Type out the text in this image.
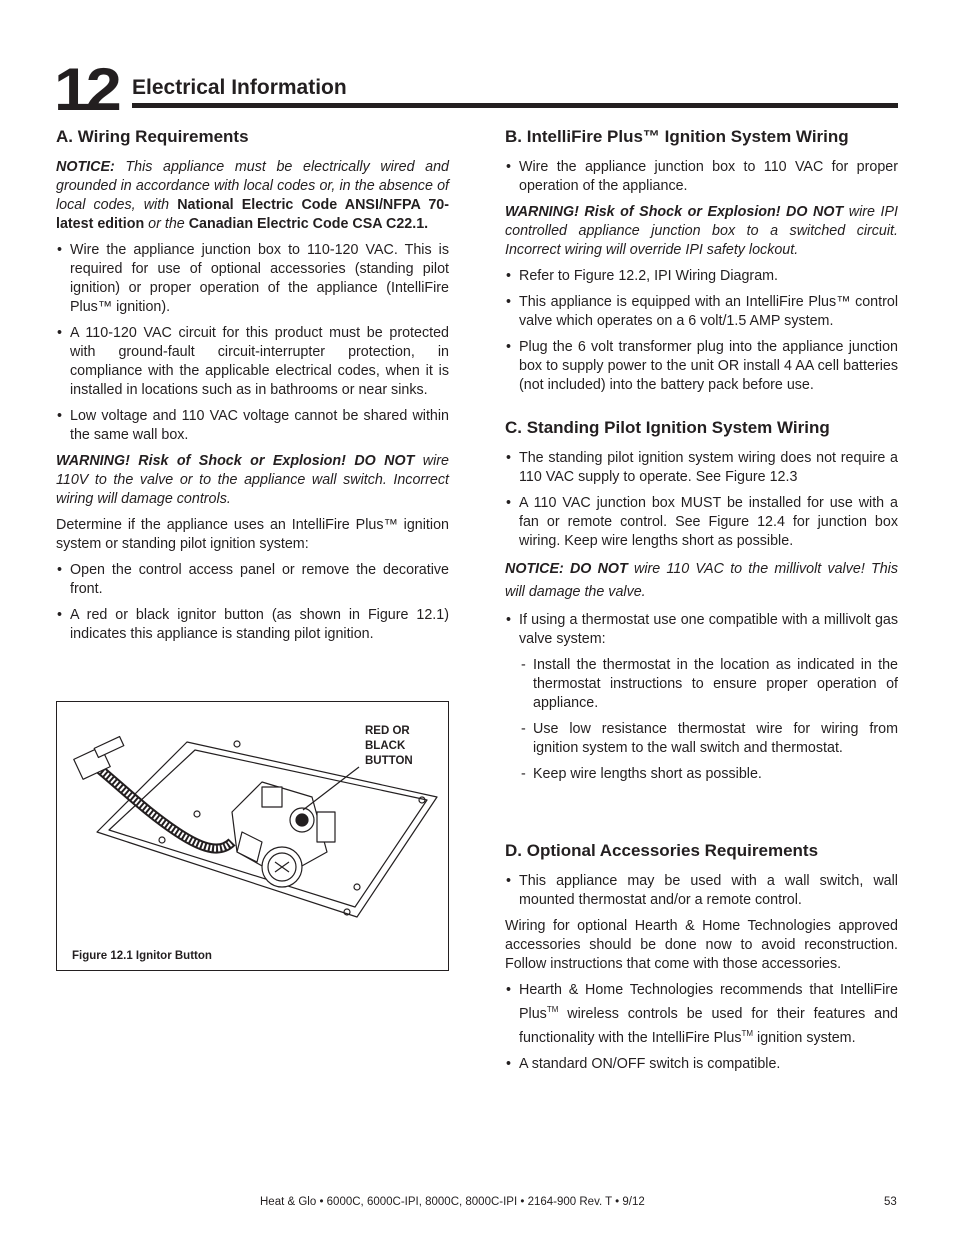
12 Electrical Information
A. Wiring Requirements

NOTICE: This appliance must be electrically wired and grounded in accordance with local codes or, in the absence of local codes, with National Electric Code ANSI/NFPA 70-latest edition or the Canadian Electric Code CSA C22.1.

• Wire the appliance junction box to 110-120 VAC. This is required for use of optional accessories (standing pilot ignition) or proper operation of the appliance (IntelliFire Plus™ ignition).
• A 110-120 VAC circuit for this product must be protected with ground-fault circuit-interrupter protection, in compliance with the applicable electrical codes, when it is installed in locations such as in bathrooms or near sinks.
• Low voltage and 110 VAC voltage cannot be shared within the same wall box.

WARNING! Risk of Shock or Explosion! DO NOT wire 110V to the valve or to the appliance wall switch. Incorrect wiring will damage controls.

Determine if the appliance uses an IntelliFire Plus™ ignition system or standing pilot ignition system:

• Open the control access panel or remove the decorative front.
• A red or black ignitor button (as shown in Figure 12.1) indicates this appliance is standing pilot ignition.
RED OR
BLACK
BUTTON
Figure 12.1 Ignitor Button
B. IntelliFire Plus™ Ignition System Wiring
• Wire the appliance junction box to 110 VAC for proper operation of the appliance.

WARNING! Risk of Shock or Explosion! DO NOT wire IPI controlled appliance junction box to a switched circuit. Incorrect wiring will override IPI safety lockout.

• Refer to Figure 12.2, IPI Wiring Diagram.
• This appliance is equipped with an IntelliFire Plus™ control valve which operates on a 6 volt/1.5 AMP system.
• Plug the 6 volt transformer plug into the appliance junction box to supply power to the unit OR install 4 AA cell batteries (not included) into the battery pack before use.
C. Standing Pilot Ignition System Wiring
• The standing pilot ignition system wiring does not require a 110 VAC supply to operate. See Figure 12.3
• A 110 VAC junction box MUST be installed for use with a fan or remote control. See Figure 12.4 for junction box wiring. Keep wire lengths short as possible.

NOTICE: DO NOT wire 110 VAC to the millivolt valve! This will damage the valve.

• If using a thermostat use one compatible with a millivolt gas valve system:
- Install the thermostat in the location as indicated in the thermostat instructions to ensure proper operation of appliance.
- Use low resistance thermostat wire for wiring from ignition system to the wall switch and thermostat.
- Keep wire lengths short as possible.
D. Optional Accessories Requirements
• This appliance may be used with a wall switch, wall mounted thermostat and/or a remote control.

Wiring for optional Hearth & Home Technologies approved accessories should be done now to avoid reconstruction. Follow instructions that come with those accessories.

• Hearth & Home Technologies recommends that IntelliFire Plus™ wireless controls be used for their features and functionality with the IntelliFire Plus™ ignition system.
• A standard ON/OFF switch is compatible.
Heat & Glo • 6000C, 6000C-IPI, 8000C, 8000C-IPI • 2164-900 Rev. T • 9/12	53
